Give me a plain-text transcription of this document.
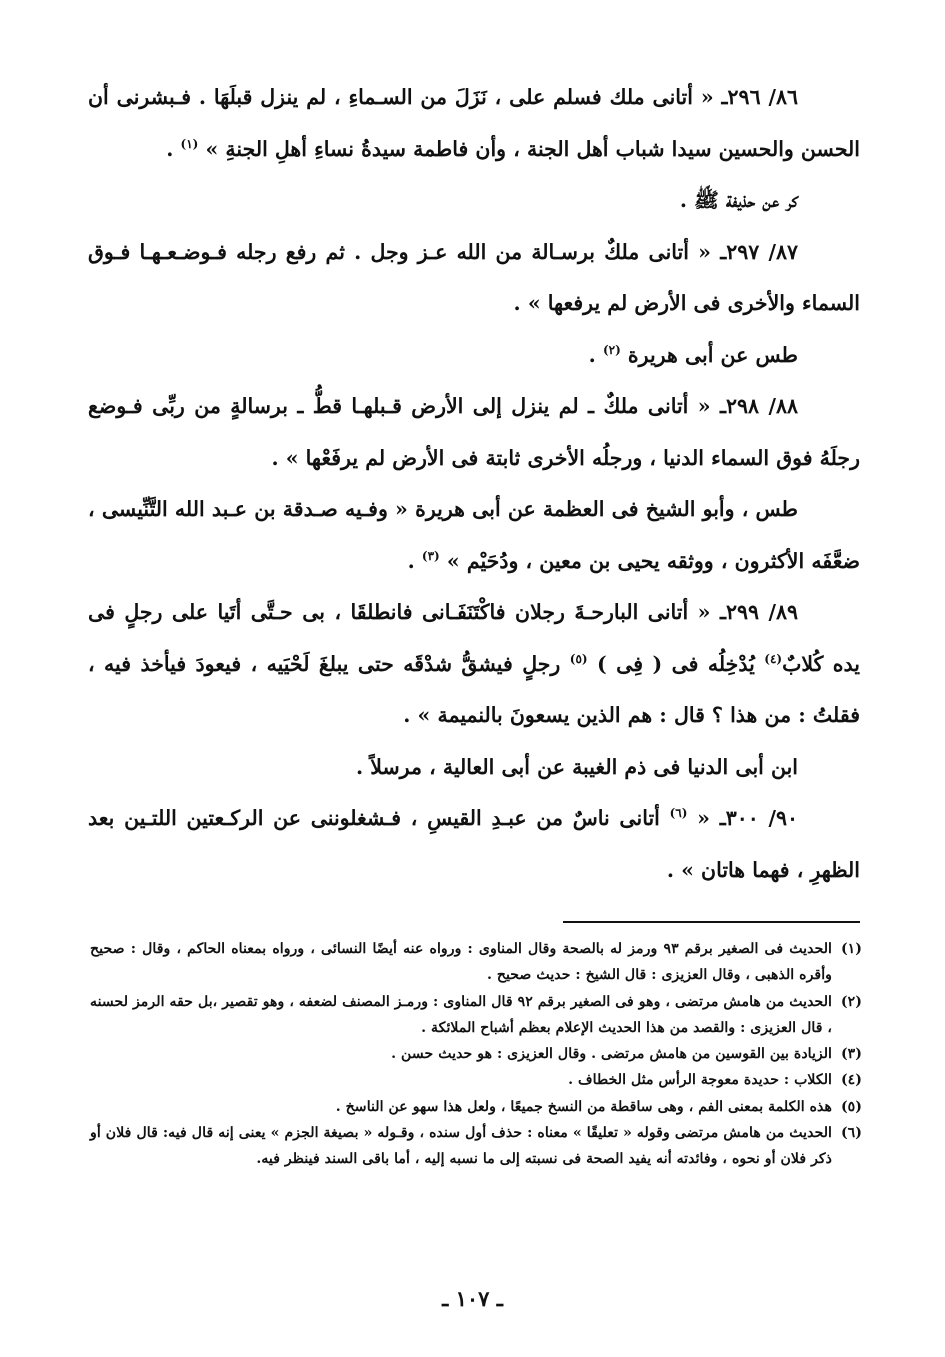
٨٦/ ٢٩٦ـ « أتانى ملك فسلم على ، نَزَلَ من السـماءِ ، لم ينزل قبلَهَا . فـبشرنى أن الحسن والحسين سيدا شباب أهل الجنة ، وأن فاطمة سيدةُ نساءِ أهلِ الجنةِ » $^{(١)}$ .

كر عن حذيفة ﷺ .

٨٧/ ٢٩٧ـ « أتانى ملكٌ برسـالة من الله عـز وجل . ثم رفع رجله فـوضـعـهـا فـوق السماء والأخرى فى الأرض لم يرفعها » .

طس عن أبى هريرة $^{(٢)}$ .

٨٨/ ٢٩٨ـ « أتانى ملكٌ ـ لم ينزل إلى الأرض قـبلهـا قطُّ ـ برسالةٍ من ربِّى فـوضع رجلَهُ فوق السماء الدنيا ، ورجلُه الأخرى ثابتة فى الأرض لم يرفَعْها » .

طس ، وأبو الشيخ فى العظمة عن أبى هريرة « وفـيه صـدقة بن عـبد الله التَّنِّيسى ، ضعَّفَه الأكثرون ، ووثقه يحيى بن معين ، ودُحَيْم » $^{(٣)}$ .

٨٩/ ٢٩٩ـ « أتانى البارحـةَ رجلان فاكْتَنَفَـانى فانطلقَا ، بى حـتَّى أتَيا على رجلٍ فى يده كُلابٌ$^{(٤)}$ يُدْخِلُه فى ( فِى ) $^{(٥)}$ رجلٍ فيشقُّ شدْقَه حتى يبلغَ لَحْيَيه ، فيعودَ فيأخذ فيه ، فقلتُ : من هذا ؟ قال : هم الذين يسعونَ بالنميمة » .

ابن أبى الدنيا فى ذم الغيبة عن أبى العالية ، مرسلاً .

٩٠/ ٣٠٠ـ « $^{(٦)}$ أتانى ناسٌ من عبـدِ القيسِ ، فـشغلوننى عن الركـعتين اللتـين بعد الظهرِ ، فهما هاتان » .

(١)الحديث فى الصغير برقم ٩٣ ورمز له بالصحة وقال المناوى : ورواه عنه أيضًا النسائى ، ورواه بمعناه الحاكم ، وقال : صحيح وأقره الذهبى ، وقال العزيزى : قال الشيخ : حديث صحيح .

(٢)الحديث من هامش مرتضى ، وهو فى الصغير برقم ٩٢ قال المناوى : ورمـز المصنف لضعفه ، وهو تقصير ،بل حقه الرمز لحسنه ، قال العزيزى : والقصد من هذا الحديث الإعلام بعظم أشباح الملائكة .

(٣)الزيادة بين القوسين من هامش مرتضى . وقال العزيزى : هو حديث حسن .

(٤)الكلاب : حديدة معوجة الرأس مثل الخطاف .

(٥)هذه الكلمة بمعنى الفم ، وهى ساقطة من النسخ جميعًا ، ولعل هذا سهو عن الناسخ .

(٦)الحديث من هامش مرتضى وقوله « تعليقًا » معناه : حذف أول سنده ، وقـوله « بصيغة الجزم » يعنى إنه قال فيه: قال فلان أو ذكر فلان أو نحوه ، وفائدته أنه يفيد الصحة فى نسبته إلى ما نسبه إليه ، أما باقى السند فينظر فيه.

ـ ١٠٧ ـ
